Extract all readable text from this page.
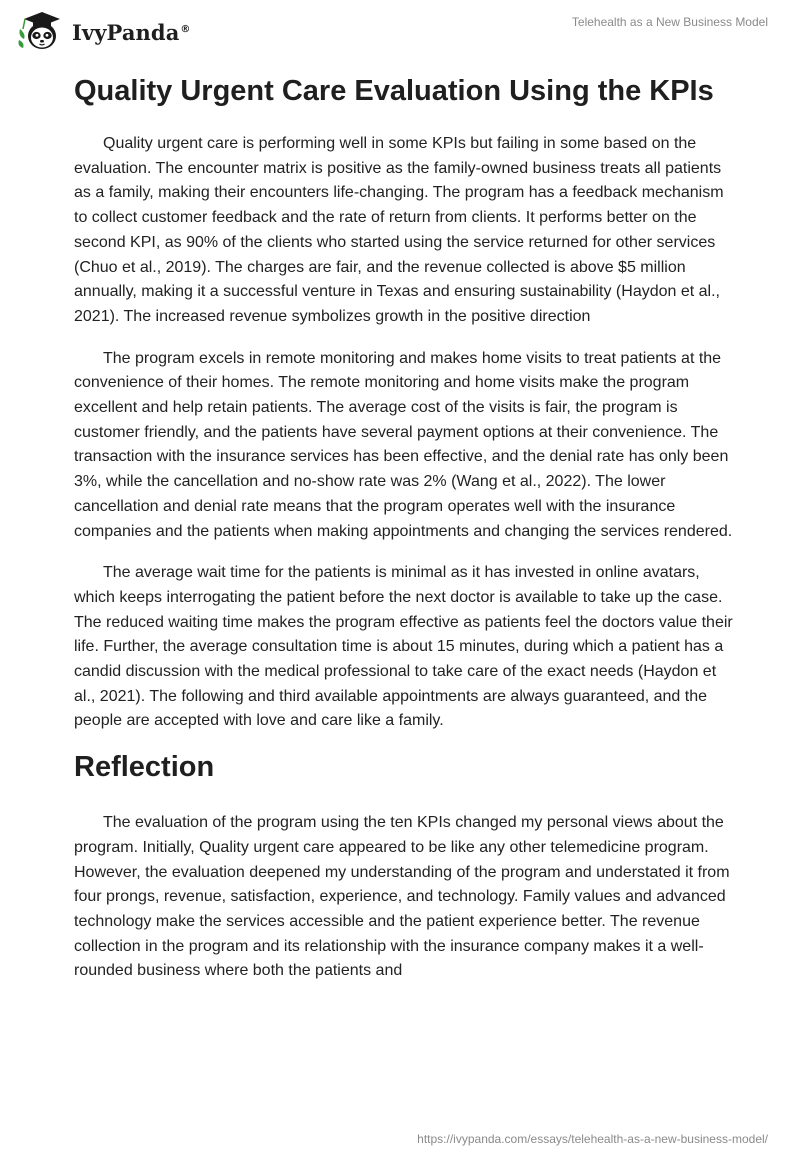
IvyPanda®	Telehealth as a New Business Model
Quality Urgent Care Evaluation Using the KPIs

Quality urgent care is performing well in some KPIs but failing in some based on the evaluation. The encounter matrix is positive as the family-owned business treats all patients as a family, making their encounters life-changing. The program has a feedback mechanism to collect customer feedback and the rate of return from clients. It performs better on the second KPI, as 90% of the clients who started using the service returned for other services (Chuo et al., 2019). The charges are fair, and the revenue collected is above $5 million annually, making it a successful venture in Texas and ensuring sustainability (Haydon et al., 2021). The increased revenue symbolizes growth in the positive direction

The program excels in remote monitoring and makes home visits to treat patients at the convenience of their homes. The remote monitoring and home visits make the program excellent and help retain patients. The average cost of the visits is fair, the program is customer friendly, and the patients have several payment options at their convenience. The transaction with the insurance services has been effective, and the denial rate has only been 3%, while the cancellation and no-show rate was 2% (Wang et al., 2022). The lower cancellation and denial rate means that the program operates well with the insurance companies and the patients when making appointments and changing the services rendered.

The average wait time for the patients is minimal as it has invested in online avatars, which keeps interrogating the patient before the next doctor is available to take up the case. The reduced waiting time makes the program effective as patients feel the doctors value their life. Further, the average consultation time is about 15 minutes, during which a patient has a candid discussion with the medical professional to take care of the exact needs (Haydon et al., 2021). The following and third available appointments are always guaranteed, and the people are accepted with love and care like a family.

Reflection

The evaluation of the program using the ten KPIs changed my personal views about the program. Initially, Quality urgent care appeared to be like any other telemedicine program. However, the evaluation deepened my understanding of the program and understated it from four prongs, revenue, satisfaction, experience, and technology. Family values and advanced technology make the services accessible and the patient experience better. The revenue collection in the program and its relationship with the insurance company makes it a well-rounded business where both the patients and

https://ivypanda.com/essays/telehealth-as-a-new-business-model/
